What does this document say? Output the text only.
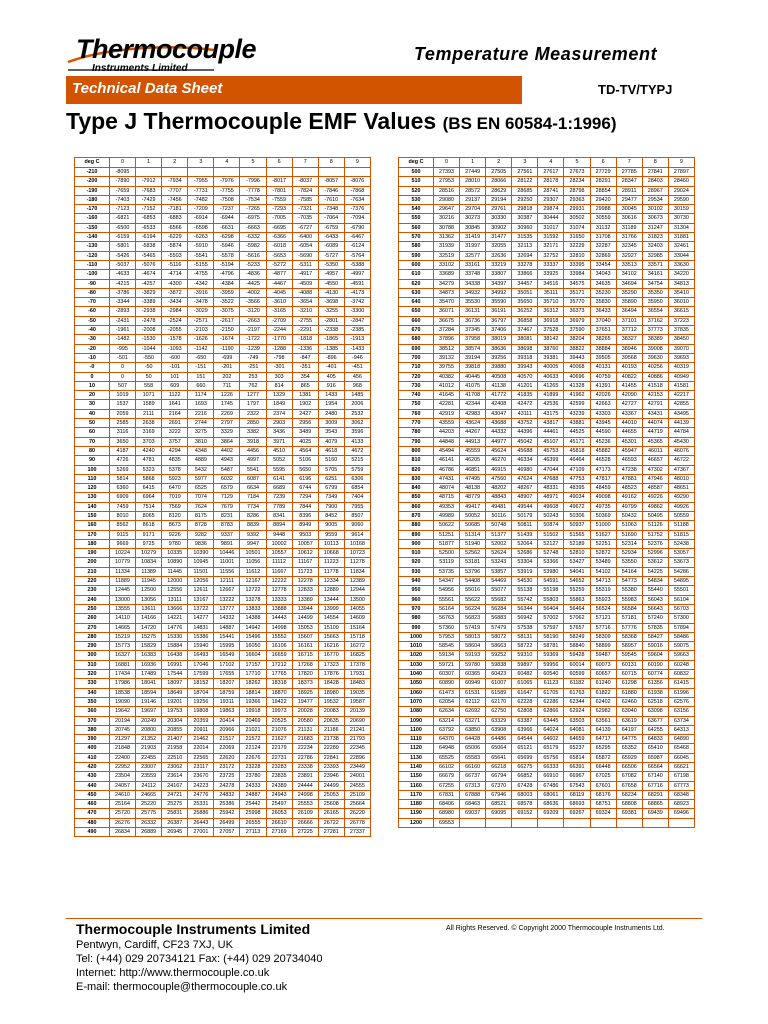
Thermocouple
Instruments Limited
Temperature Measurement
Technical Data Sheet	TD-TV/TYPJ
Type J Thermocouple EMF Values (BS EN 60584-1:1996)
deg C	0	1	2	3	4	5	6	7	8	9
-210	-8095									
-200	-7890	-7912	-7934	-7955	-7976	-7996	-8017	-8037	-8057	-8076
-190	-7659	-7683	-7707	-7731	-7755	-7778	-7801	-7824	-7846	-7868
-180	-7403	-7429	-7456	-7482	-7508	-7534	-7559	-7585	-7610	-7634
-170	-7123	-7152	-7181	-7209	-7237	-7265	-7293	-7321	-7348	-7376
-160	-6821	-6853	-6883	-6914	-6944	-6975	-7005	-7035	-7064	-7094
-150	-6500	-6533	-6566	-6598	-6631	-6663	-6695	-6727	-6759	-6790
-140	-6159	-6194	-6229	-6263	-6298	-6332	-6366	-6400	-6433	-6467
-130	-5801	-5838	-5874	-5910	-5946	-5982	-6018	-6054	-6089	-6124
-120	-5426	-5465	-5503	-5541	-5578	-5616	-5653	-5690	-5727	-5764
-110	-5037	-5076	-5116	-5155	-5194	-5233	-5272	-5311	-5350	-5388
-100	-4633	-4674	-4714	-4755	-4796	-4836	-4877	-4917	-4957	-4997
-90	-4215	-4257	-4300	-4342	-4384	-4425	-4467	-4509	-4550	-4591
-80	-3786	-3829	-3872	-3916	-3959	-4002	-4045	-4088	-4130	-4173
-70	-3344	-3389	-3434	-3478	-3522	-3566	-3610	-3654	-3698	-3742
-60	-2893	-2938	-2984	-3029	-3075	-3120	-3165	-3210	-3255	-3300
-50	-2431	-2478	-2524	-2571	-2617	-2663	-2709	-2755	-2801	-2847
-40	-1961	-2008	-2055	-2103	-2150	-2197	-2244	-2291	-2338	-2385
-30	-1482	-1530	-1578	-1626	-1674	-1722	-1770	-1818	-1865	-1913
-20	-995	-1044	-1093	-1142	-1190	-1239	-1288	-1336	-1385	-1433
-10	-501	-550	-600	-650	-699	-749	-798	-847	-896	-946
-0	0	-50	-101	-151	-201	-251	-301	-351	-401	-451
0	0	50	101	151	202	253	303	354	405	456
10	507	558	609	660	711	762	814	865	916	968
20	1019	1071	1122	1174	1226	1277	1329	1381	1433	1485
30	1537	1589	1641	1693	1745	1797	1849	1902	1954	2006
40	2059	2111	2164	2216	2269	2322	2374	2427	2480	2532
50	2585	2638	2691	2744	2797	2850	2903	2956	3009	3062
60	3116	3169	3222	3275	3329	3382	3436	3489	3543	3596
70	3650	3703	3757	3810	3864	3918	3971	4025	4079	4133
80	4187	4240	4294	4348	4402	4456	4510	4564	4618	4672
90	4726	4781	4835	4889	4943	4997	5052	5106	5160	5215
100	5269	5323	5378	5432	5487	5541	5595	5650	5705	5759
110	5814	5868	5923	5977	6032	6087	6141	6196	6251	6306
120	6360	6415	6470	6525	6579	6634	6689	6744	6799	6854
130	6909	6964	7019	7074	7129	7184	7239	7294	7349	7404
140	7459	7514	7569	7624	7679	7734	7789	7844	7900	7955
150	8010	8065	8120	8175	8231	8286	8341	8396	8452	8507
160	8562	8618	8673	8728	8783	8839	8894	8949	9005	9060
170	9115	9171	9226	9282	9337	9392	9448	9503	9559	9614
180	9669	9725	9780	9836	9891	9947	10002	10057	10113	10168
190	10224	10279	10335	10390	10446	10501	10557	10612	10668	10723
200	10779	10834	10890	10945	11001	11056	11112	11167	11223	11278
210	11334	11389	11445	11501	11556	11612	11667	11723	11778	11834
220	11889	11945	12000	12056	12111	12167	12222	12278	12334	12389
230	12445	12500	12556	12611	12667	12722	12778	12833	12889	12944
240	13000	13056	13111	13167	13222	13278	13333	13389	13444	13500
250	13555	13611	13666	13722	13777	13833	13888	13944	13999	14055
260	14110	14166	14221	14277	14332	14388	14443	14499	14554	14609
270	14665	14720	14776	14831	14887	14942	14998	15053	15109	15164
280	15219	15275	15330	15386	15441	15496	15552	15607	15663	15718
290	15773	15829	15884	15940	15995	16050	16106	16161	16216	16272
300	16327	16383	16438	16493	16549	16604	16659	16715	16770	16825
310	16881	16936	16991	17046	17102	17157	17212	17268	17323	17378
320	17434	17489	17544	17599	17655	17710	17765	17820	17876	17931
330	17986	18041	18097	18152	18207	18262	18318	18373	18428	18483
340	18538	18594	18649	18704	18759	18814	18870	18925	18980	19035
350	19090	19146	19201	19256	19311	19366	19422	19477	19532	19587
360	19642	19697	19753	19808	19863	19918	19973	20028	20083	20139
370	20194	20249	20304	20359	20414	20469	20525	20580	20635	20690
380	20745	20800	20855	20911	20966	21021	21076	21131	21186	21241
390	21297	21352	21407	21462	21517	21572	21627	21683	21738	21793
400	21848	21903	21958	22014	22069	22124	22179	22234	22289	22345
410	22400	22455	22510	22565	22620	22676	22731	22786	22841	22896
420	22952	23007	23062	23117	23172	23228	23283	23338	23393	23449
430	23504	23559	23614	23670	23725	23780	23835	23891	23946	24001
440	24057	24112	24167	24223	24278	24333	24389	24444	24499	24555
450	24610	24665	24721	24776	24832	24887	24943	24998	25053	25109
460	25164	25220	25275	25331	25386	25442	25497	25553	25608	25664
470	25720	25775	25831	25886	25942	25998	26053	26109	26165	26220
480	26276	26332	26387	26443	26499	26555	26610	26666	26722	26778
490	26834	26889	26945	27001	27057	27113	27169	27225	27281	27337
deg C	0	1	2	3	4	5	6	7	8	9
500	27393	27449	27505	27561	27617	27673	27729	27785	27841	27897
510	27953	28010	28066	28122	28178	28234	28291	28347	28403	28460
520	28516	28572	28629	28685	28741	28798	28854	28911	28967	29024
530	29080	29137	29194	29250	29307	29363	29420	29477	29534	29590
540	29647	29704	29761	29818	29874	29931	29988	30045	30102	30159
550	30216	30273	30330	30387	30444	30502	30559	30616	30673	30730
560	30788	30845	30902	30960	31017	31074	31132	31189	31247	31304
570	31362	31419	31477	31535	31592	31650	31708	31766	31823	31881
580	31939	31997	32055	32113	32171	32229	32287	32345	32403	32461
590	32519	32577	32636	32694	32752	32810	32869	32927	32985	33044
600	33102	33161	33219	33278	33337	33395	33454	33513	33571	33630
610	33689	33748	33807	33866	33925	33984	34043	34102	34161	34220
620	34279	34338	34397	34457	34516	34575	34635	34694	34754	34813
630	34873	34932	34992	35051	35111	35171	35230	35290	35350	35410
640	35470	35530	35590	35650	35710	35770	35830	35890	35950	36010
650	36071	36131	36191	36252	36312	36373	36433	36494	36554	36615
660	36675	36736	36797	36858	36918	36979	37040	37101	37162	37223
670	37284	37345	37406	37467	37528	37590	37651	37712	37773	37835
680	37896	37958	38019	38081	38142	38204	38265	38327	38389	38450
690	38512	38574	38636	38698	38760	38822	38884	38946	39008	39070
700	39132	39194	39256	39318	39381	39443	39505	39568	39630	39693
710	39755	39818	39880	39943	40005	40068	40131	40193	40256	40319
720	40382	40445	40508	40570	40633	40696	40759	40822	40886	40949
730	41012	41075	41138	41201	41265	41328	41391	41455	41518	41581
740	41645	41708	41772	41835	41899	41962	42026	42090	42153	42217
750	42281	42344	42408	42472	42536	42599	42663	42727	42791	42855
760	42919	42983	43047	43111	43175	43239	43303	43367	43431	43495
770	43559	43624	43688	43752	43817	43881	43945	44010	44074	44139
780	44203	44267	44332	44396	44461	44525	44590	44655	44719	44784
790	44848	44913	44977	45042	45107	45171	45236	45301	45365	45430
800	45494	45559	45624	45688	45753	45818	45882	45947	46011	46076
810	46141	46205	46270	46334	46399	46464	46528	46593	46657	46722
820	46786	46851	46915	46980	47044	47109	47173	47238	47302	47367
830	47431	47495	47560	47624	47688	47753	47817	47881	47946	48010
840	48074	48138	48202	48267	48331	48395	48459	48523	48587	48651
850	48715	48779	48843	48907	48971	49034	49098	49162	49226	49290
860	49353	49417	49481	49544	49608	49672	49735	49799	49862	49926
870	49989	50052	50116	50179	50243	50306	50369	50432	50495	50559
880	50622	50685	50748	50811	50874	50937	51000	51063	51126	51188
890	51251	51314	51377	51439	51502	51565	51627	51690	51752	51815
900	51877	51940	52002	52064	52127	52189	52251	52314	52376	52438
910	52500	52562	52624	52686	52748	52810	52872	52934	52996	53057
920	53119	53181	53243	53304	53366	53427	53489	53550	53612	53673
930	53735	53796	53857	53919	53980	54041	54102	54164	54225	54286
940	54347	54408	54469	54530	54591	54652	54713	54773	54834	54895
950	54956	55016	55077	55138	55198	55259	55319	55380	55440	55501
960	55561	55622	55682	55742	55803	55863	55923	55983	56043	56104
970	56164	56224	56284	56344	56404	56464	56524	56584	56643	56703
980	56763	56823	56883	56942	57002	57062	57121	57181	57240	57300
990	57360	57419	57479	57538	57597	57657	57716	57776	57835	57894
1000	57953	58013	58072	58131	58190	58249	58309	58368	58427	58486
1010	58545	58604	58663	58722	58781	58840	58899	58957	59016	59075
1020	59134	59193	59252	59310	59369	59428	59487	59545	59604	59663
1030	59721	59780	59838	59897	59956	60014	60073	60131	60190	60248
1040	60307	60365	60423	60482	60540	60599	60657	60715	60774	60832
1050	60890	60949	61007	61065	61123	61182	61240	61298	61356	61415
1060	61473	61531	61589	61647	61705	61763	61822	61880	61938	61996
1070	62054	62112	62170	62228	62286	62344	62402	62460	62518	62576
1080	62634	62692	62750	62808	62866	62924	62982	63040	63098	63156
1090	63214	63271	63329	63387	63445	63503	63561	63619	63677	63734
1100	63792	63850	63908	63966	64024	64081	64139	64197	64255	64313
1110	64370	64428	64486	64544	64602	64659	64717	64775	64833	64890
1120	64948	65006	65064	65121	65179	65237	65295	65352	65410	65468
1130	65525	65583	65641	65699	65756	65814	65872	65929	65987	66045
1140	66102	66160	66218	66275	66333	66391	66448	66506	66564	66621
1150	66679	66737	66794	66852	66910	66967	67025	67082	67140	67198
1160	67255	67313	67370	67428	67486	67543	67601	67658	67716	67773
1170	67831	67888	67946	68003	68061	68119	68176	68234	68291	68348
1180	68406	68463	68521	68578	68636	68693	68751	68808	68865	68923
1190	68980	69037	69095	69152	69209	69267	69324	69381	69439	69496
1200	69553									
Thermocouple Instruments Limited
Pentwyn, Cardiff, CF23 7XJ, UK
Tel: (+44) 029 20734121 Fax: (+44) 029 20734040
Internet: http://www.thermocouple.co.uk
E-mail: thermocouple@thermocouple.co.uk
All Rights Reserved. © Copyright 2000 Thermocouple Instruments Ltd.
